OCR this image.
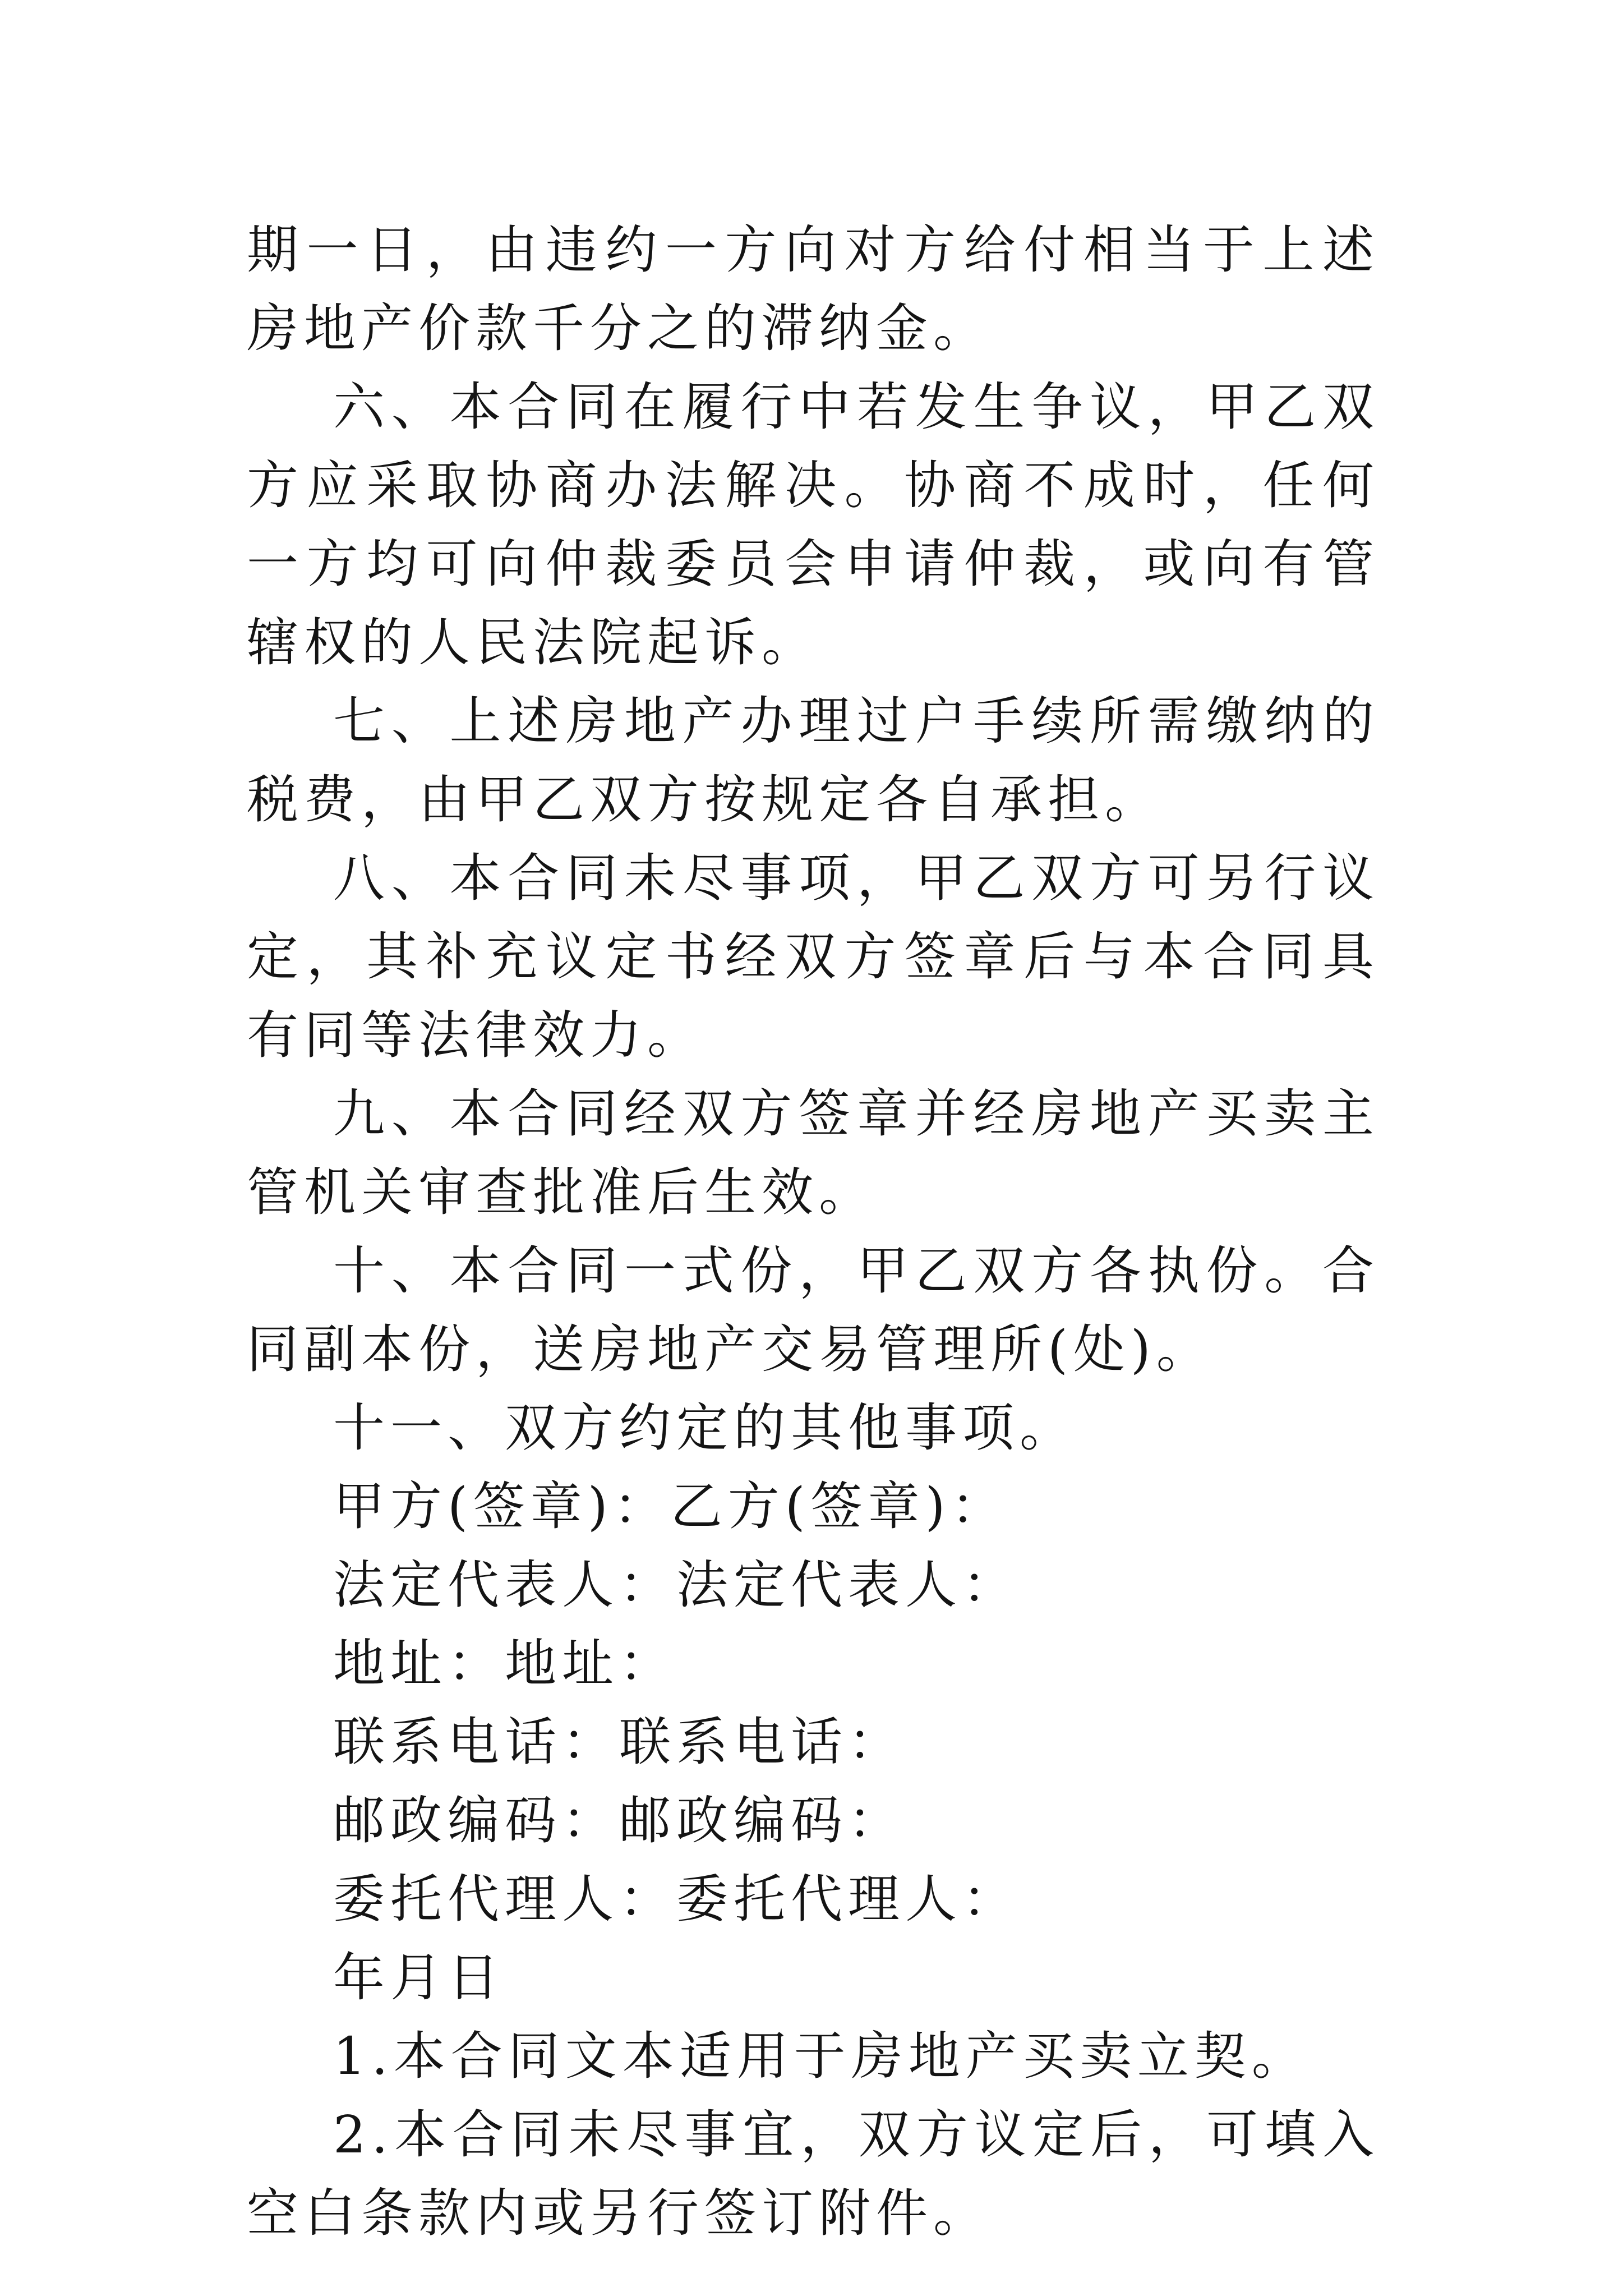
期一日，由违约一方向对方给付相当于上述房地产价款千分之的滞纳金。

六、本合同在履行中若发生争议，甲乙双方应采取协商办法解决。协商不成时，任何一方均可向仲裁委员会申请仲裁，或向有管辖权的人民法院起诉。

七、上述房地产办理过户手续所需缴纳的税费，由甲乙双方按规定各自承担。

八、本合同未尽事项，甲乙双方可另行议定，其补充议定书经双方签章后与本合同具有同等法律效力。

九、本合同经双方签章并经房地产买卖主管机关审查批准后生效。

十、本合同一式份，甲乙双方各执份。合同副本份，送房地产交易管理所(处)。

十一、双方约定的其他事项。

甲方(签章)：乙方(签章)：

法定代表人：法定代表人：

地址：地址：

联系电话：联系电话：

邮政编码：邮政编码：

委托代理人：委托代理人：

年月日

1.本合同文本适用于房地产买卖立契。

2.本合同未尽事宜，双方议定后，可填入空白条款内或另行签订附件。
